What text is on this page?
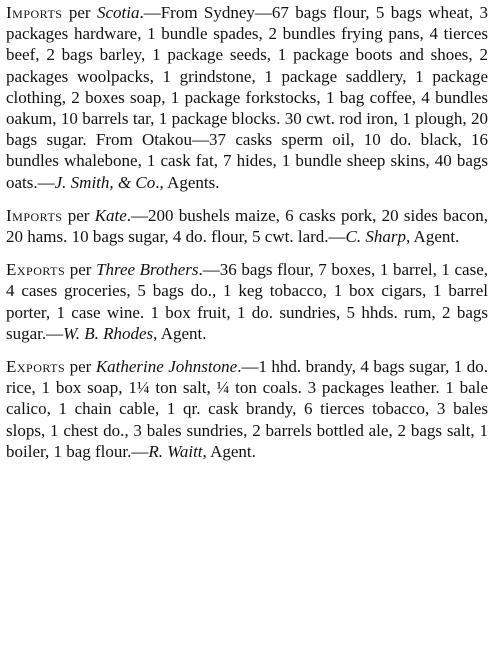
Imports per Scotia.—From Sydney—67 bags flour, 5 bags wheat, 3 packages hardware, 1 bundle spades, 2 bundles frying pans, 4 tierces beef, 2 bags barley, 1 package seeds, 1 package boots and shoes, 2 packages woolpacks, 1 grindstone, 1 package saddlery, 1 package clothing, 2 boxes soap, 1 package forkstocks, 1 bag coffee, 4 bundles oakum, 10 barrels tar, 1 package blocks. 30 cwt. rod iron, 1 plough, 20 bags sugar. From Otakou—37 casks sperm oil, 10 do. black, 16 bundles whalebone, 1 cask fat, 7 hides, 1 bundle sheep skins, 40 bags oats.—J. Smith, & Co., Agents.

Imports per Kate.—200 bushels maize, 6 casks pork, 20 sides bacon, 20 hams. 10 bags sugar, 4 do. flour, 5 cwt. lard.—C. Sharp, Agent.

Exports per Three Brothers.—36 bags flour, 7 boxes, 1 barrel, 1 case, 4 cases groceries, 5 bags do., 1 keg tobacco, 1 box cigars, 1 barrel porter, 1 case wine. 1 box fruit, 1 do. sundries, 5 hhds. rum, 2 bags sugar.—W. B. Rhodes, Agent.

Exports per Katherine Johnstone.—1 hhd. brandy, 4 bags sugar, 1 do. rice, 1 box soap, 1¼ ton salt, ¼ ton coals. 3 packages leather. 1 bale calico, 1 chain cable, 1 qr. cask brandy, 6 tierces tobacco, 3 bales slops, 1 chest do., 3 bales sundries, 2 barrels bottled ale, 2 bags salt, 1 boiler, 1 bag flour.—R. Waitt, Agent.
